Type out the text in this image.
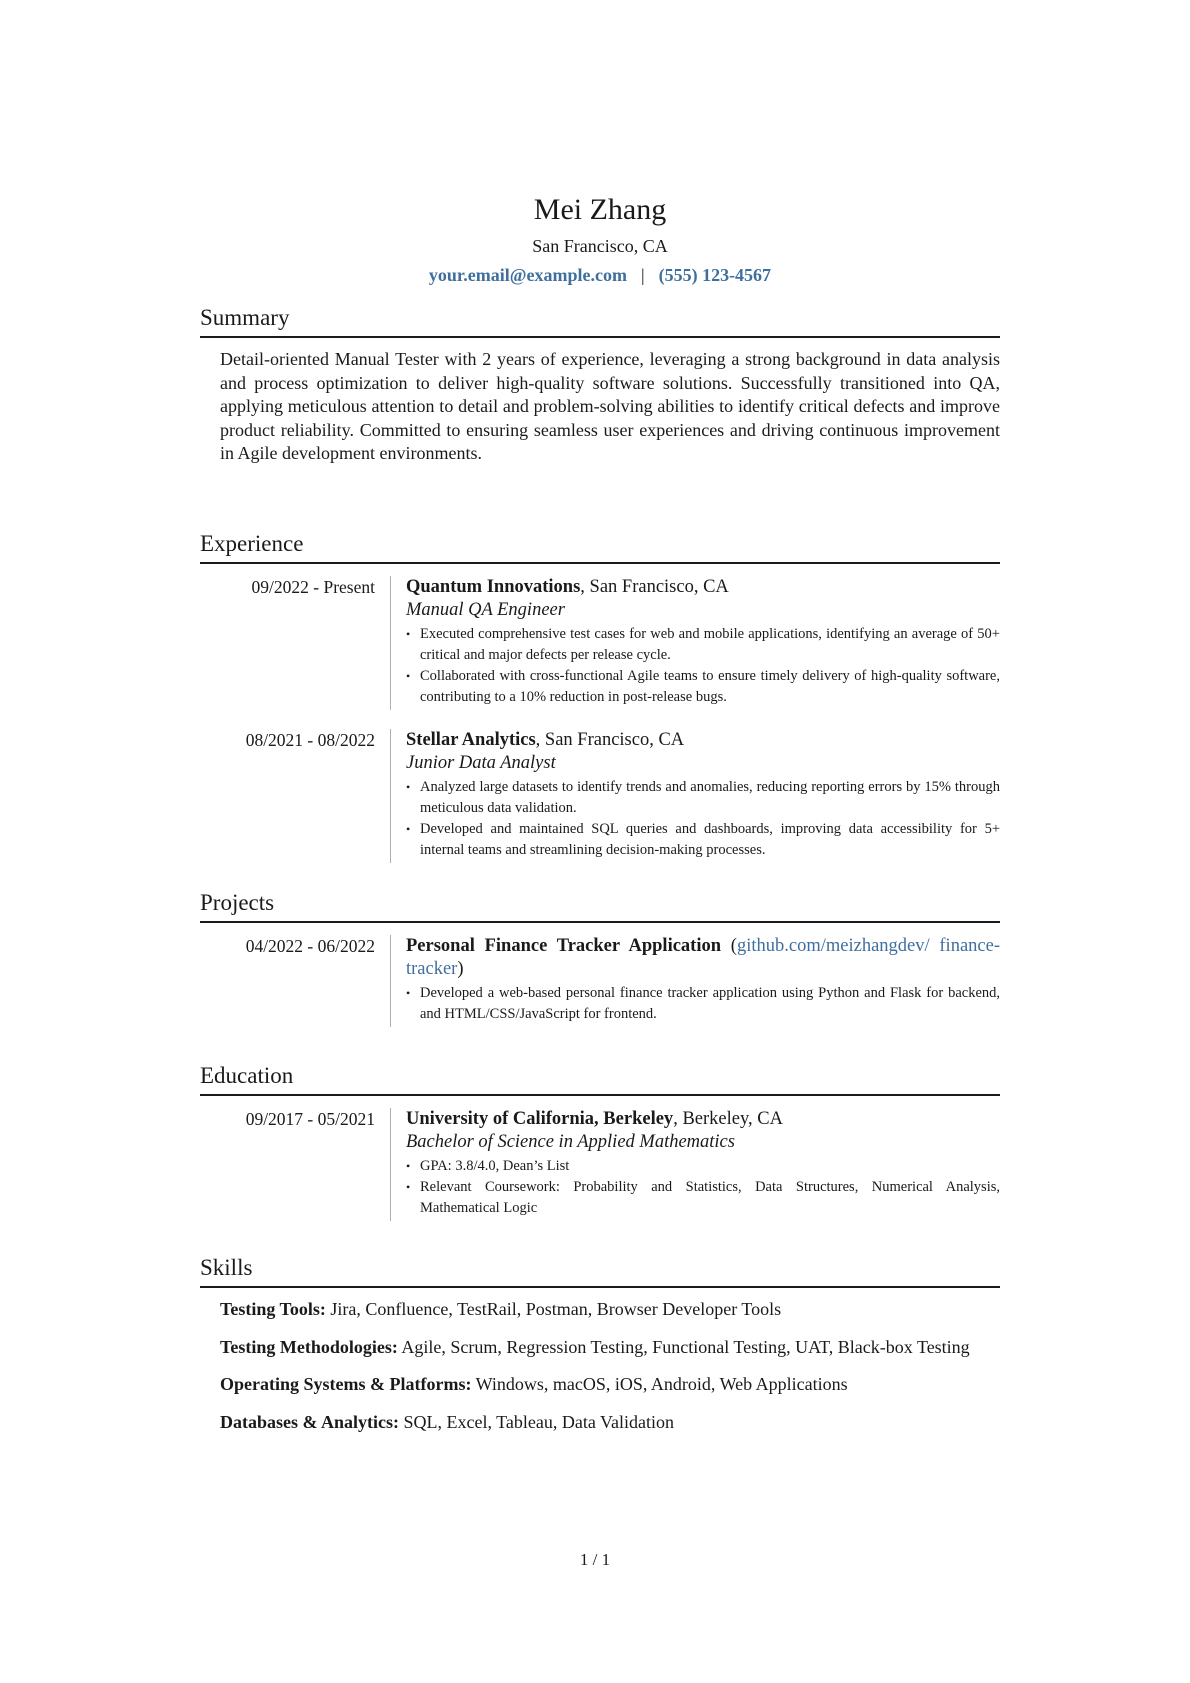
Mei Zhang
San Francisco, CA
your.email@example.com | (555) 123-4567
Summary

Detail-oriented Manual Tester with 2 years of experience, leveraging a strong background in data analysis and process optimization to deliver high-quality software solutions. Successfully transitioned into QA, applying meticulous attention to detail and problem-solving abilities to identify critical defects and improve product reliability. Committed to ensuring seamless user experiences and driving continuous improvement in Agile development environments.

Experience
09/2022 - Present	Quantum Innovations, San Francisco, CA
Manual QA Engineer
• Executed comprehensive test cases for web and mobile applications, identifying an average of 50+ critical and major defects per release cycle.
• Collaborated with cross-functional Agile teams to ensure timely delivery of high-quality software, contributing to a 10% reduction in post-release bugs.
08/2021 - 08/2022	Stellar Analytics, San Francisco, CA
Junior Data Analyst
• Analyzed large datasets to identify trends and anomalies, reducing reporting errors by 15% through meticulous data validation.
• Developed and maintained SQL queries and dashboards, improving data accessibility for 5+ internal teams and streamlining decision-making processes.
Projects
04/2022 - 06/2022	Personal Finance Tracker Application (github.com/meizhangdev/ finance-tracker)
• Developed a web-based personal finance tracker application using Python and Flask for backend, and HTML/CSS/JavaScript for frontend.
Education
09/2017 - 05/2021	University of California, Berkeley, Berkeley, CA
Bachelor of Science in Applied Mathematics
• GPA: 3.8/4.0, Dean’s List
• Relevant Coursework: Probability and Statistics, Data Structures, Numerical Analysis, Mathematical Logic
Skills
Testing Tools: Jira, Confluence, TestRail, Postman, Browser Developer Tools
Testing Methodologies: Agile, Scrum, Regression Testing, Functional Testing, UAT, Black-box Testing
Operating Systems & Platforms: Windows, macOS, iOS, Android, Web Applications
Databases & Analytics: SQL, Excel, Tableau, Data Validation
1 / 1
